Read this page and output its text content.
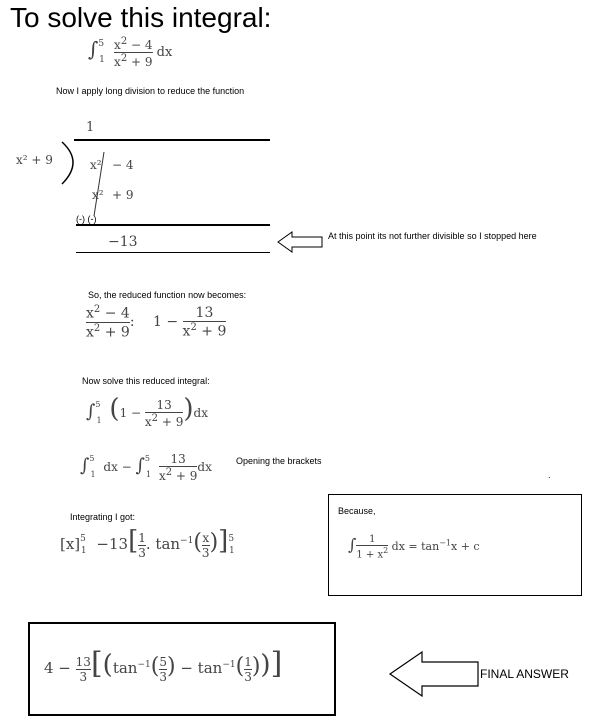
To solve this integral:
$\int^5_1 \frac{x^2 - 4}{x^2 + 9}$ dx
Now I apply long division to reduce the function
1
x² + 9	x² − 4
x² + 9
(-) (-)
−13	At this point its not further divisible so I stopped here
So, the reduced function now becomes:
$\frac{x^2 - 4}{x^2 + 9}$ : $1 - \frac{13}{x^2 + 9}$
Now solve this reduced integral:
∫$^5_1$ $(1 - \frac{13}{x^2 + 9} )dx$
∫$^5_1$ dx − $\int^5_1 \frac{13}{x^2 + 9}$ dx	Opening the brackets
.
Integrating I got:
$[x]^5_1 -13[ \frac{1}{3}$ . $\tan^{-1}( \frac{x}{3} )]^5_1$
Because,
∫ $\frac{1}{1 + x^2}$ dx = $\tan^{-1}x + c$
$4 - \frac{13}{3} [(\tan^{-1}( \frac{5}{3}$ ) − $\tan^{-1}( \frac{1}{3}$ ))]	FINAL ANSWER
